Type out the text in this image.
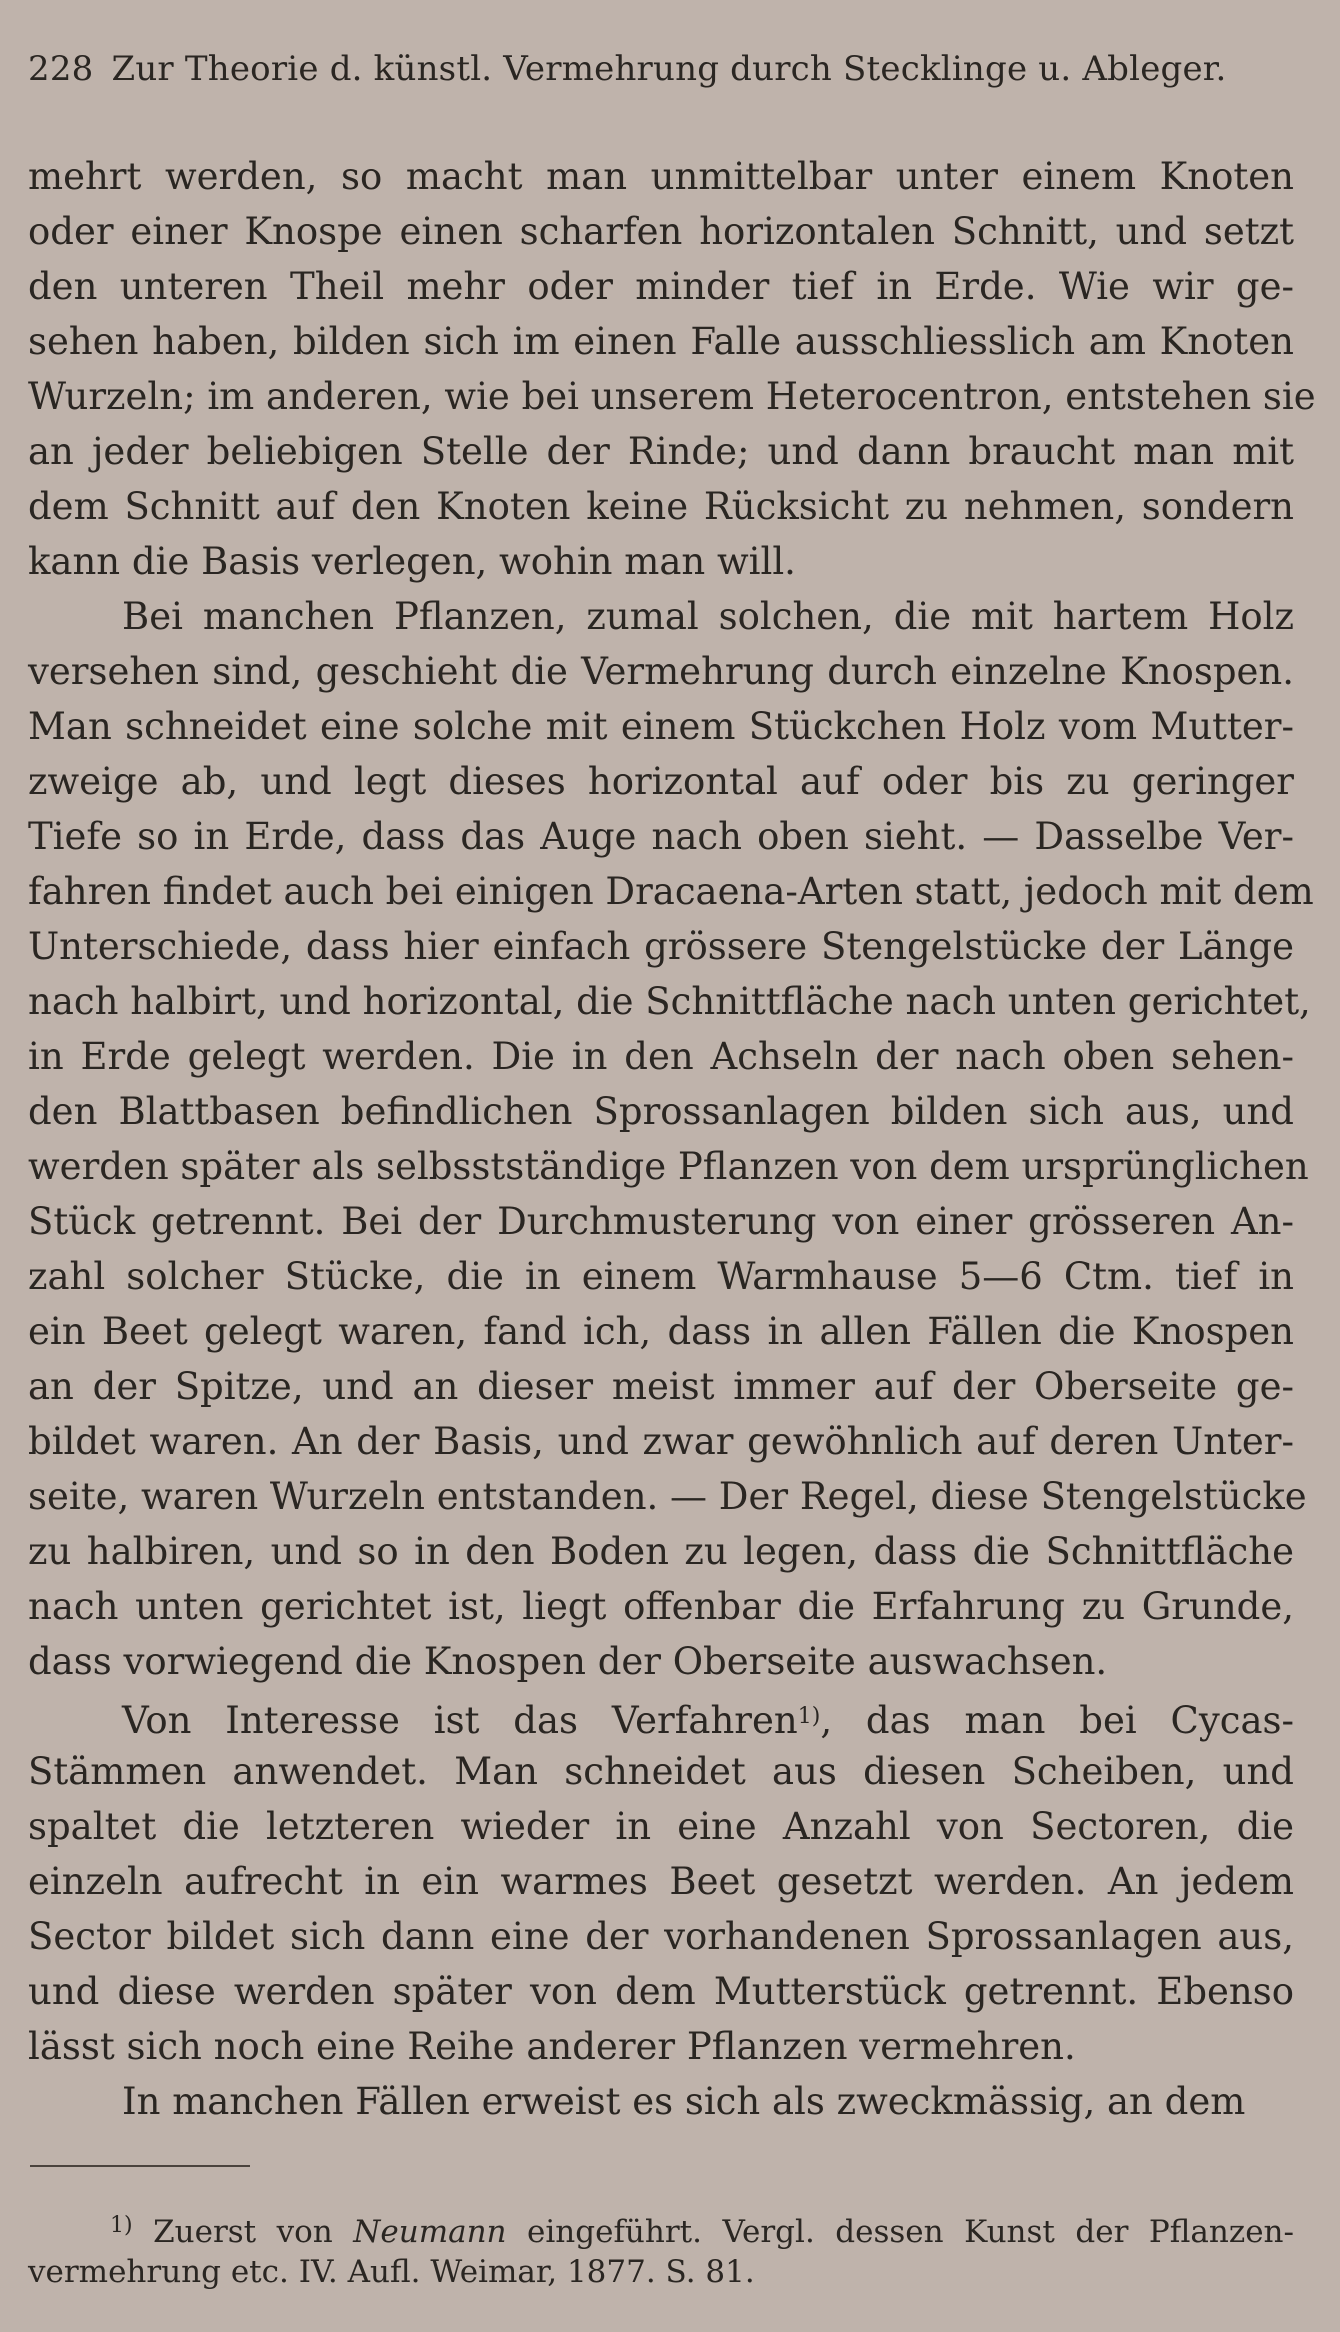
228 Zur Theorie d. künstl. Vermehrung durch Stecklinge u. Ableger.
mehrt werden, so macht man unmittelbar unter einem Knoten
oder einer Knospe einen scharfen horizontalen Schnitt, und setzt
den unteren Theil mehr oder minder tief in Erde. Wie wir ge-
sehen haben, bilden sich im einen Falle ausschliesslich am Knoten
Wurzeln; im anderen, wie bei unserem Heterocentron, entstehen sie
an jeder beliebigen Stelle der Rinde; und dann braucht man mit
dem Schnitt auf den Knoten keine Rücksicht zu nehmen, sondern
kann die Basis verlegen, wohin man will.
Bei manchen Pflanzen, zumal solchen, die mit hartem Holz
versehen sind, geschieht die Vermehrung durch einzelne Knospen.
Man schneidet eine solche mit einem Stückchen Holz vom Mutter-
zweige ab, und legt dieses horizontal auf oder bis zu geringer
Tiefe so in Erde, dass das Auge nach oben sieht. — Dasselbe Ver-
fahren findet auch bei einigen Dracaena-Arten statt, jedoch mit dem
Unterschiede, dass hier einfach grössere Stengelstücke der Länge
nach halbirt, und horizontal, die Schnittfläche nach unten gerichtet,
in Erde gelegt werden. Die in den Achseln der nach oben sehen-
den Blattbasen befindlichen Sprossanlagen bilden sich aus, und
werden später als selbsstständige Pflanzen von dem ursprünglichen
Stück getrennt. Bei der Durchmusterung von einer grösseren An-
zahl solcher Stücke, die in einem Warmhause 5—6 Ctm. tief in
ein Beet gelegt waren, fand ich, dass in allen Fällen die Knospen
an der Spitze, und an dieser meist immer auf der Oberseite ge-
bildet waren. An der Basis, und zwar gewöhnlich auf deren Unter-
seite, waren Wurzeln entstanden. — Der Regel, diese Stengelstücke
zu halbiren, und so in den Boden zu legen, dass die Schnittfläche
nach unten gerichtet ist, liegt offenbar die Erfahrung zu Grunde,
dass vorwiegend die Knospen der Oberseite auswachsen.
Von Interesse ist das Verfahren$^{1)}$, das man bei Cycas-
Stämmen anwendet. Man schneidet aus diesen Scheiben, und
spaltet die letzteren wieder in eine Anzahl von Sectoren, die
einzeln aufrecht in ein warmes Beet gesetzt werden. An jedem
Sector bildet sich dann eine der vorhandenen Sprossanlagen aus,
und diese werden später von dem Mutterstück getrennt. Ebenso
lässt sich noch eine Reihe anderer Pflanzen vermehren.
In manchen Fällen erweist es sich als zweckmässig, an dem
$^{1)}$ Zuerst von Neumann eingeführt. Vergl. dessen Kunst der Pflanzen-
vermehrung etc. IV. Aufl. Weimar, 1877. S. 81.
